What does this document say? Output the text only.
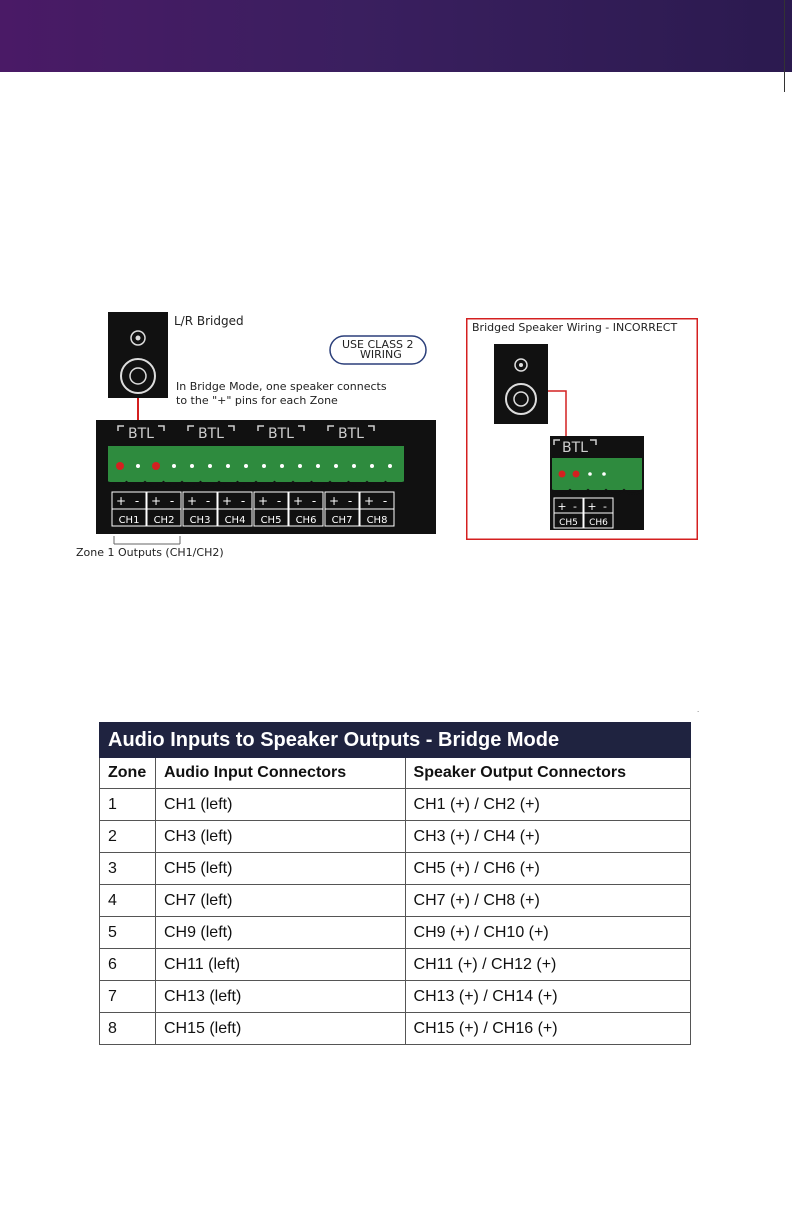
BTL	BTL	BTL	BTL
+ -
CH1
+ -
CH2
+ -
CH3
+ -
CH4
+ -
CH5
+ -
CH6
+ -
CH7
+ -
CH8
L/R Bridged
USE CLASS 2
WIRING
In Bridge Mode, one speaker connects
to the "+" pins for each Zone
Zone 1 Outputs (CH1/CH2)
BTL
+ -
CH5
+ -
CH6
Bridged Speaker Wiring - INCORRECT
.
Audio Inputs to Speaker Outputs - Bridge Mode		
Zone	Audio Input Connectors	Speaker Output Connectors
1	CH1 (left)	CH1 (+) / CH2 (+)
2	CH3 (left)	CH3 (+) / CH4 (+)
3	CH5 (left)	CH5 (+) / CH6 (+)
4	CH7 (left)	CH7 (+) / CH8 (+)
5	CH9 (left)	CH9 (+) / CH10 (+)
6	CH11 (left)	CH11 (+) / CH12 (+)
7	CH13 (left)	CH13 (+) / CH14 (+)
8	CH15 (left)	CH15 (+) / CH16 (+)
